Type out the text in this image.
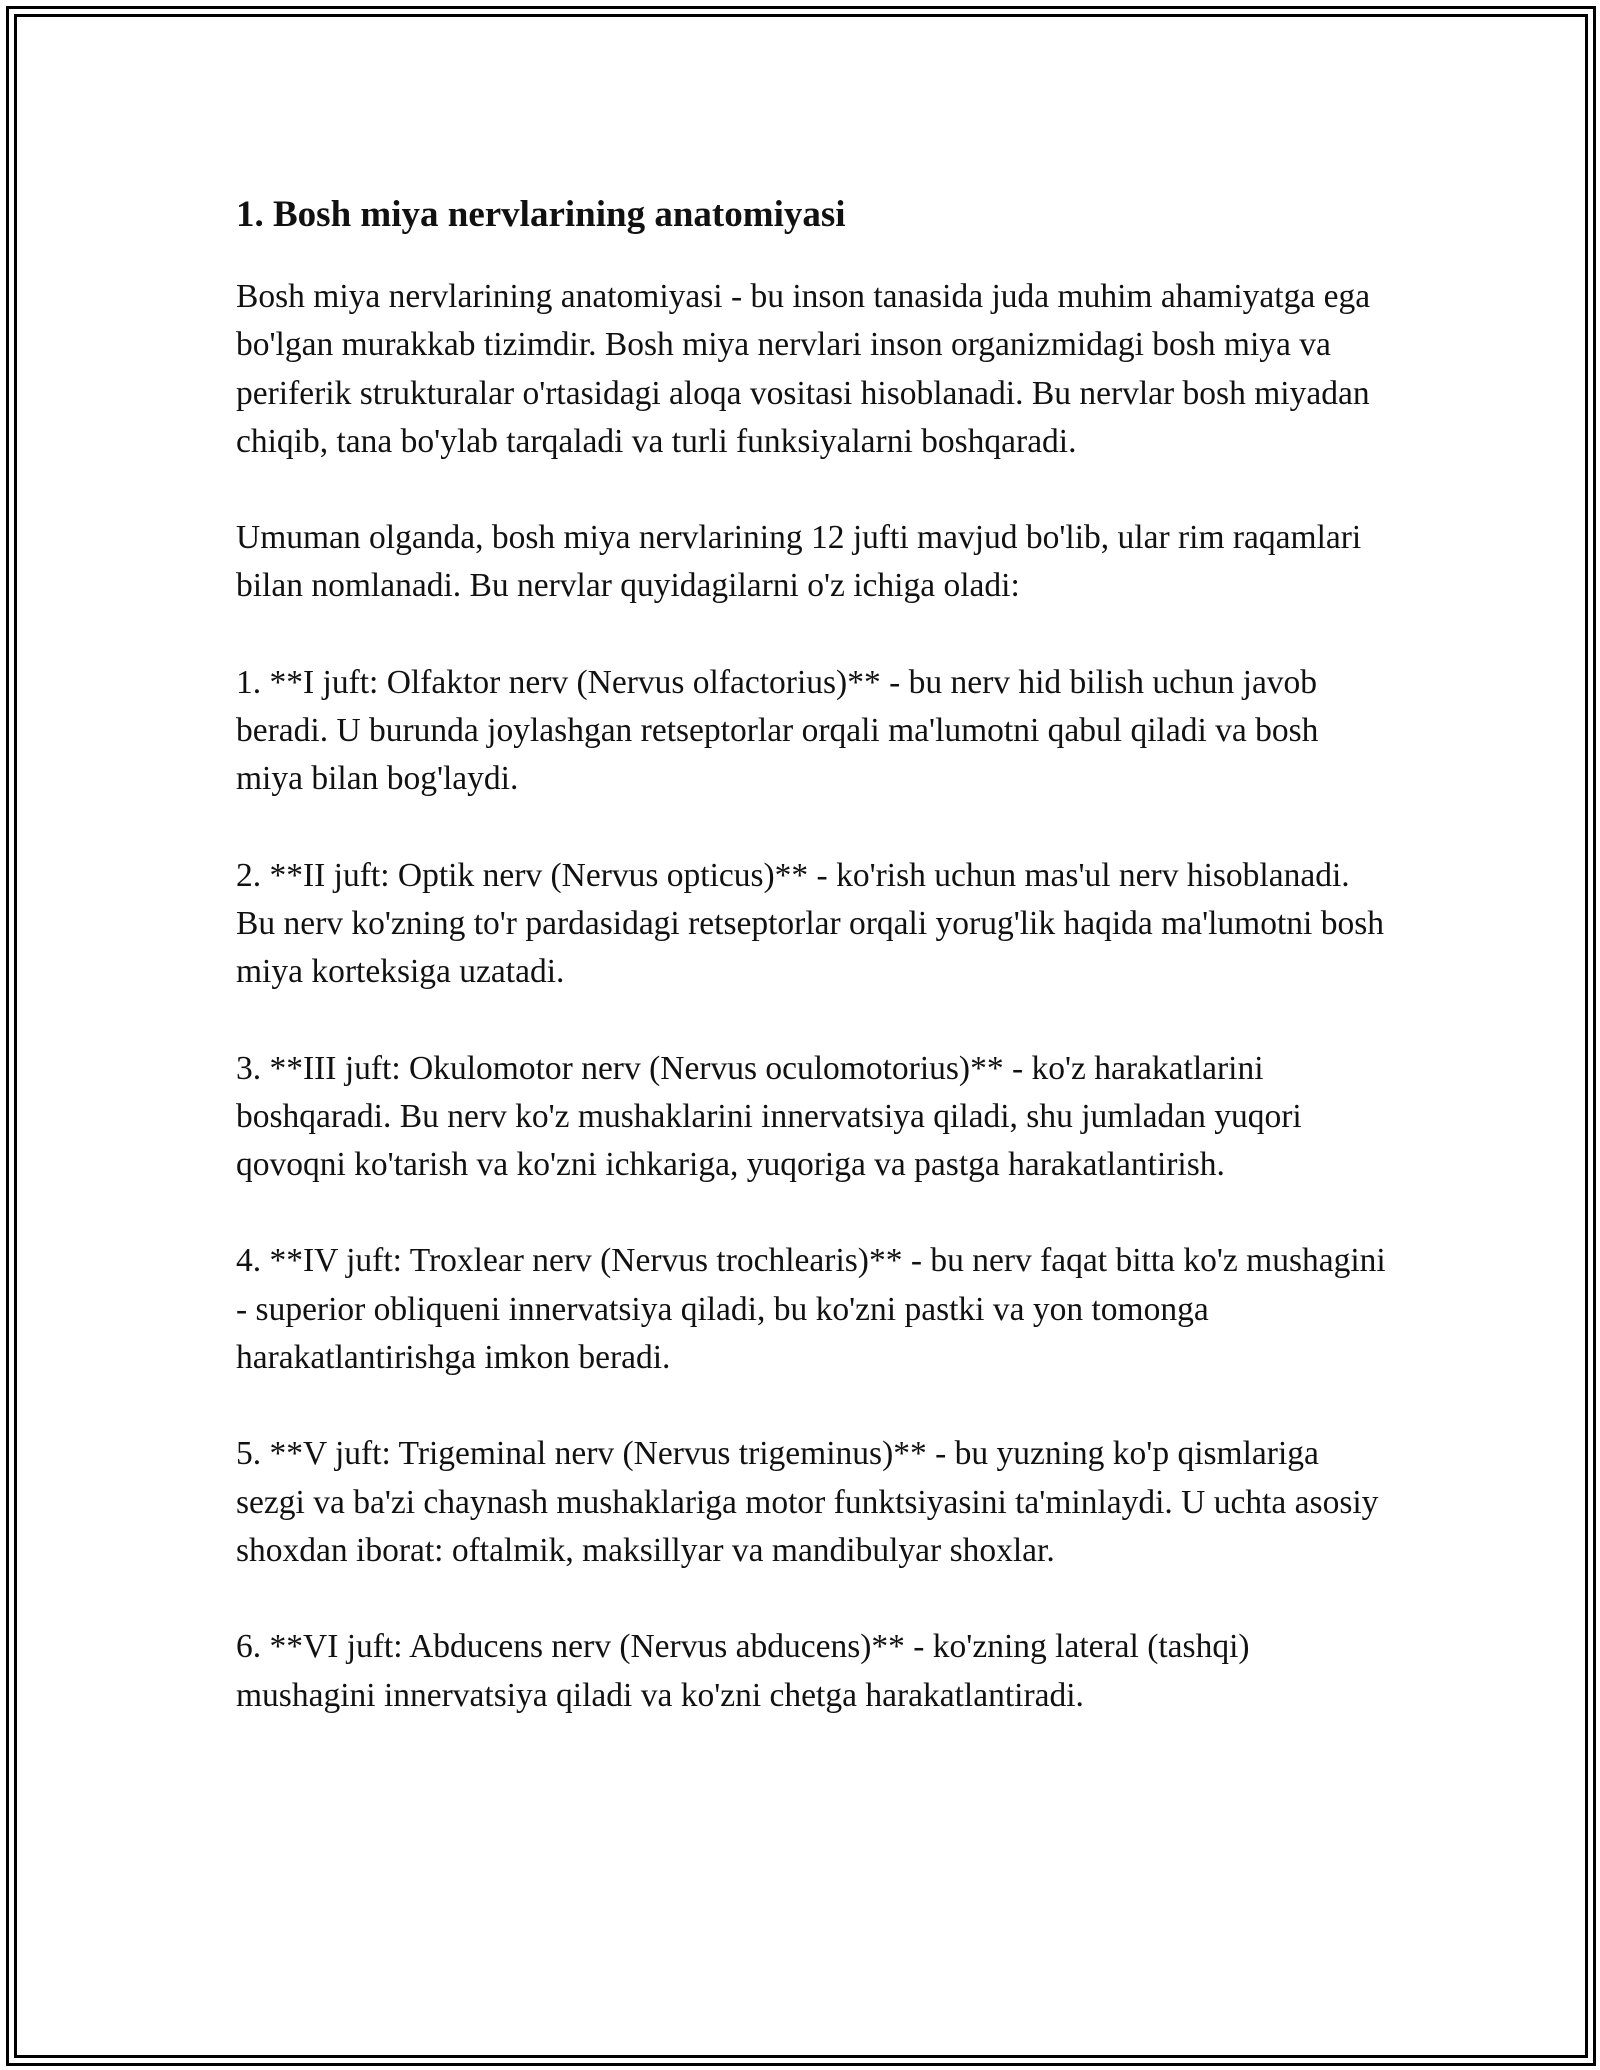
1. Bosh miya nervlarining anatomiyasi

Bosh miya nervlarining anatomiyasi - bu inson tanasida juda muhim ahamiyatga ega bo'lgan murakkab tizimdir. Bosh miya nervlari inson organizmidagi bosh miya va periferik strukturalar o'rtasidagi aloqa vositasi hisoblanadi. Bu nervlar bosh miyadan chiqib, tana bo'ylab tarqaladi va turli funksiyalarni boshqaradi.

Umuman olganda, bosh miya nervlarining 12 jufti mavjud bo'lib, ular rim raqamlari bilan nomlanadi. Bu nervlar quyidagilarni o'z ichiga oladi:

1. **I juft: Olfaktor nerv (Nervus olfactorius)** - bu nerv hid bilish uchun javob beradi. U burunda joylashgan retseptorlar orqali ma'lumotni qabul qiladi va bosh miya bilan bog'laydi.

2. **II juft: Optik nerv (Nervus opticus)** - ko'rish uchun mas'ul nerv hisoblanadi. Bu nerv ko'zning to'r pardasidagi retseptorlar orqali yorug'lik haqida ma'lumotni bosh miya korteksiga uzatadi.

3. **III juft: Okulomotor nerv (Nervus oculomotorius)** - ko'z harakatlarini boshqaradi. Bu nerv ko'z mushaklarini innervatsiya qiladi, shu jumladan yuqori qovoqni ko'tarish va ko'zni ichkariga, yuqoriga va pastga harakatlantirish.

4. **IV juft: Troxlear nerv (Nervus trochlearis)** - bu nerv faqat bitta ko'z mushagini - superior obliqueni innervatsiya qiladi, bu ko'zni pastki va yon tomonga harakatlantirishga imkon beradi.

5. **V juft: Trigeminal nerv (Nervus trigeminus)** - bu yuzning ko'p qismlariga sezgi va ba'zi chaynash mushaklariga motor funktsiyasini ta'minlaydi. U uchta asosiy shoxdan iborat: oftalmik, maksillyar va mandibulyar shoxlar.

6. **VI juft: Abducens nerv (Nervus abducens)** - ko'zning lateral (tashqi) mushagini innervatsiya qiladi va ko'zni chetga harakatlantiradi.
